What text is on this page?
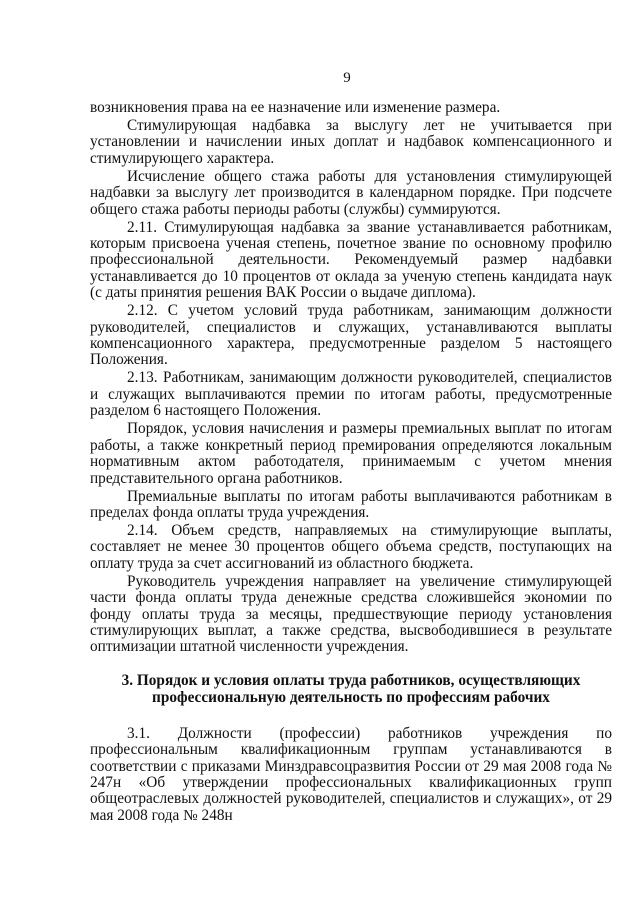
9

возникновения права на ее назначение или изменение размера.

Стимулирующая надбавка за выслугу лет не учитывается при установлении и начислении иных доплат и надбавок компенсационного и стимулирующего характера.

Исчисление общего стажа работы для установления стимулирующей надбавки за выслугу лет производится в календарном порядке. При подсчете общего стажа работы периоды работы (службы) суммируются.

2.11. Стимулирующая надбавка за звание устанавливается работникам, которым присвоена ученая степень, почетное звание по основному профилю профессиональной деятельности. Рекомендуемый размер надбавки устанавливается до 10 процентов от оклада за ученую степень кандидата наук (с даты принятия решения ВАК России о выдаче диплома).

2.12. С учетом условий труда работникам, занимающим должности руководителей, специалистов и служащих, устанавливаются выплаты компенсационного характера, предусмотренные разделом 5 настоящего Положения.

2.13. Работникам, занимающим должности руководителей, специалистов и служащих выплачиваются премии по итогам работы, предусмотренные разделом 6 настоящего Положения.

Порядок, условия начисления и размеры премиальных выплат по итогам работы, а также конкретный период премирования определяются локальным нормативным актом работодателя, принимаемым с учетом мнения представительного органа работников.

Премиальные выплаты по итогам работы выплачиваются работникам в пределах фонда оплаты труда учреждения.

2.14. Объем средств, направляемых на стимулирующие выплаты, составляет не менее 30 процентов общего объема средств, поступающих на оплату труда за счет ассигнований из областного бюджета.

Руководитель учреждения направляет на увеличение стимулирующей части фонда оплаты труда денежные средства сложившейся экономии по фонду оплаты труда за месяцы, предшествующие периоду установления стимулирующих выплат, а также средства, высвободившиеся в результате оптимизации штатной численности учреждения.

3. Порядок и условия оплаты труда работников, осуществляющих
профессиональную деятельность по профессиям рабочих

3.1. Должности (профессии) работников учреждения по профессиональным квалификационным группам устанавливаются в соответствии с приказами Минздравсоцразвития России от 29 мая 2008 года № 247н «Об утверждении профессиональных квалификационных групп общеотраслевых должностей руководителей, специалистов и служащих», от 29 мая 2008 года № 248н
